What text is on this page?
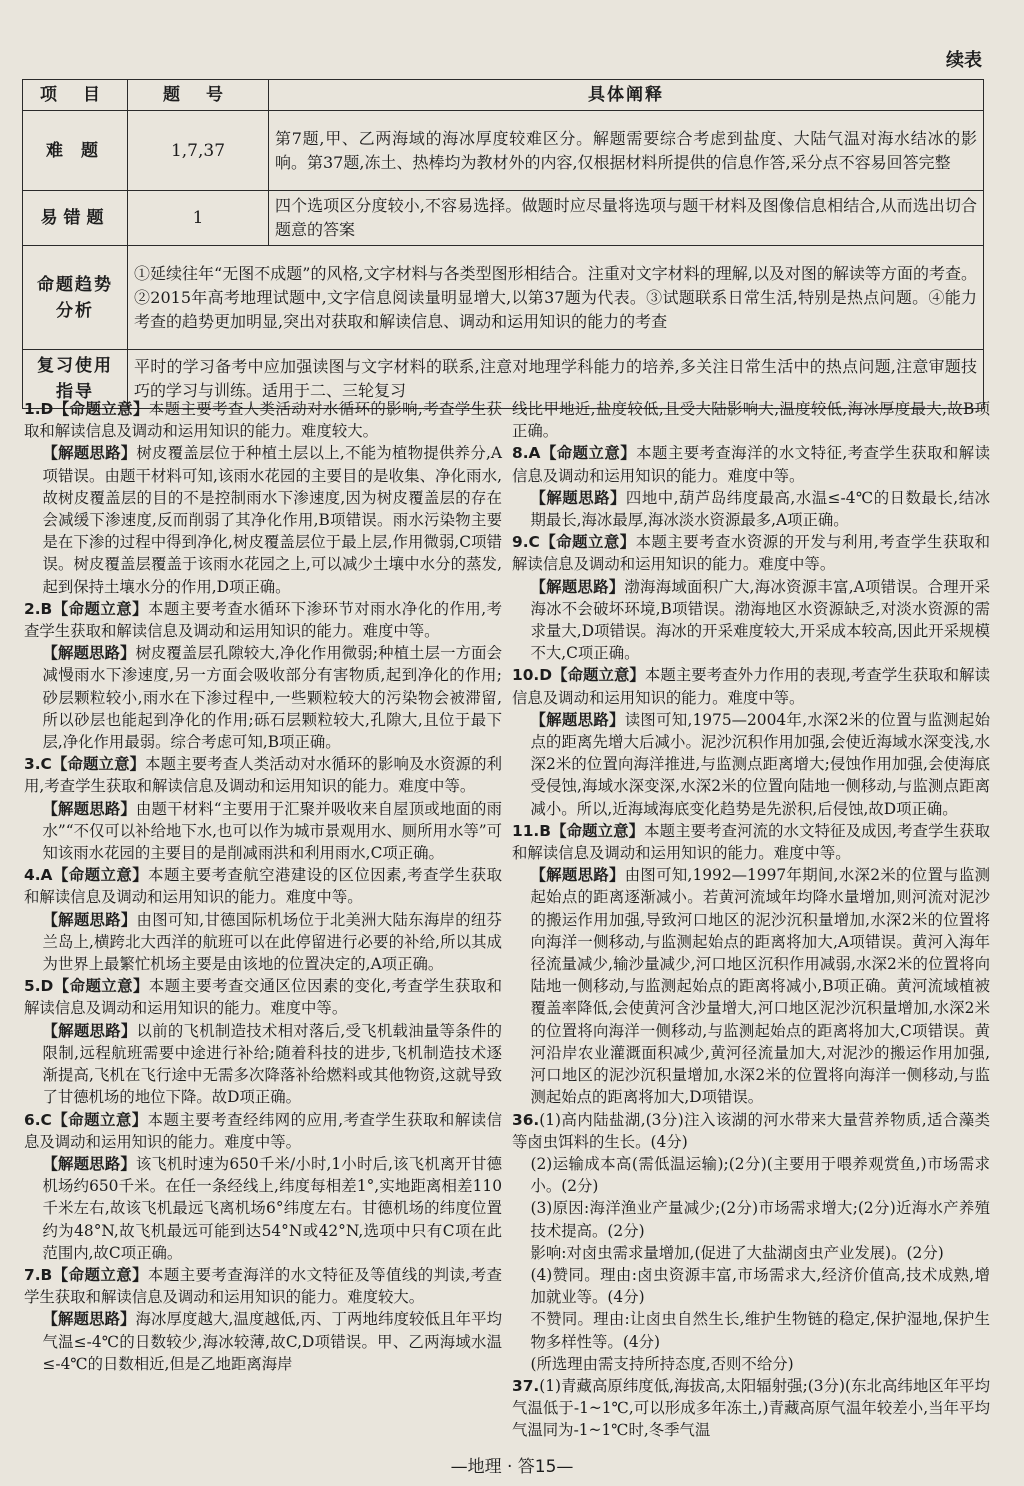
续表
项 目	题 号	具体阐释
难 题	1,7,37	第7题,甲、乙两海域的海冰厚度较难区分。解题需要综合考虑到盐度、大陆气温对海水结冰的影响。第37题,冻土、热棒均为教材外的内容,仅根据材料所提供的信息作答,采分点不容易回答完整
易错题	1	四个选项区分度较小,不容易选择。做题时应尽量将选项与题干材料及图像信息相结合,从而选出切合题意的答案
命题趋势分析	①延续往年“无图不成题”的风格,文字材料与各类型图形相结合。注重对文字材料的理解,以及对图的解读等方面的考查。②2015年高考地理试题中,文字信息阅读量明显增大,以第37题为代表。③试题联系日常生活,特别是热点问题。④能力考查的趋势更加明显,突出对获取和解读信息、调动和运用知识的能力的考查	
复习使用指导	平时的学习备考中应加强读图与文字材料的联系,注意对地理学科能力的培养,多关注日常生活中的热点问题,注意审题技巧的学习与训练。适用于二、三轮复习	

1.D【命题立意】本题主要考查人类活动对水循环的影响,考查学生获取和解读信息及调动和运用知识的能力。难度较大。

【解题思路】树皮覆盖层位于种植土层以上,不能为植物提供养分,A项错误。由题干材料可知,该雨水花园的主要目的是收集、净化雨水,故树皮覆盖层的目的不是控制雨水下渗速度,因为树皮覆盖层的存在会减缓下渗速度,反而削弱了其净化作用,B项错误。雨水污染物主要是在下渗的过程中得到净化,树皮覆盖层位于最上层,作用微弱,C项错误。树皮覆盖层覆盖于该雨水花园之上,可以减少土壤中水分的蒸发,起到保持土壤水分的作用,D项正确。

2.B【命题立意】本题主要考查水循环下渗环节对雨水净化的作用,考查学生获取和解读信息及调动和运用知识的能力。难度中等。

【解题思路】树皮覆盖层孔隙较大,净化作用微弱;种植土层一方面会减慢雨水下渗速度,另一方面会吸收部分有害物质,起到净化的作用;砂层颗粒较小,雨水在下渗过程中,一些颗粒较大的污染物会被滞留,所以砂层也能起到净化的作用;砾石层颗粒较大,孔隙大,且位于最下层,净化作用最弱。综合考虑可知,B项正确。

3.C【命题立意】本题主要考查人类活动对水循环的影响及水资源的利用,考查学生获取和解读信息及调动和运用知识的能力。难度中等。

【解题思路】由题干材料“主要用于汇聚并吸收来自屋顶或地面的雨水”“不仅可以补给地下水,也可以作为城市景观用水、厕所用水等”可知该雨水花园的主要目的是削减雨洪和利用雨水,C项正确。

4.A【命题立意】本题主要考查航空港建设的区位因素,考查学生获取和解读信息及调动和运用知识的能力。难度中等。

【解题思路】由图可知,甘德国际机场位于北美洲大陆东海岸的纽芬兰岛上,横跨北大西洋的航班可以在此停留进行必要的补给,所以其成为世界上最繁忙机场主要是由该地的位置决定的,A项正确。

5.D【命题立意】本题主要考查交通区位因素的变化,考查学生获取和解读信息及调动和运用知识的能力。难度中等。

【解题思路】以前的飞机制造技术相对落后,受飞机载油量等条件的限制,远程航班需要中途进行补给;随着科技的进步,飞机制造技术逐渐提高,飞机在飞行途中无需多次降落补给燃料或其他物资,这就导致了甘德机场的地位下降。故D项正确。

6.C【命题立意】本题主要考查经纬网的应用,考查学生获取和解读信息及调动和运用知识的能力。难度中等。

【解题思路】该飞机时速为650千米/小时,1小时后,该飞机离开甘德机场约650千米。在任一条经线上,纬度每相差1°,实地距离相差110千米左右,故该飞机最远飞离机场6°纬度左右。甘德机场的纬度位置约为48°N,故飞机最远可能到达54°N或42°N,选项中只有C项在此范围内,故C项正确。

7.B【命题立意】本题主要考查海洋的水文特征及等值线的判读,考查学生获取和解读信息及调动和运用知识的能力。难度较大。

【解题思路】海冰厚度越大,温度越低,丙、丁两地纬度较低且年平均气温≤-4℃的日数较少,海冰较薄,故C,D项错误。甲、乙两海域水温≤-4℃的日数相近,但是乙地距离海岸

线比甲地近,盐度较低,且受大陆影响大,温度较低,海冰厚度最大,故B项正确。

8.A【命题立意】本题主要考查海洋的水文特征,考查学生获取和解读信息及调动和运用知识的能力。难度中等。

【解题思路】四地中,葫芦岛纬度最高,水温≤-4℃的日数最长,结冰期最长,海冰最厚,海冰淡水资源最多,A项正确。

9.C【命题立意】本题主要考查水资源的开发与利用,考查学生获取和解读信息及调动和运用知识的能力。难度中等。

【解题思路】渤海海域面积广大,海冰资源丰富,A项错误。合理开采海冰不会破坏环境,B项错误。渤海地区水资源缺乏,对淡水资源的需求量大,D项错误。海冰的开采难度较大,开采成本较高,因此开采规模不大,C项正确。

10.D【命题立意】本题主要考查外力作用的表现,考查学生获取和解读信息及调动和运用知识的能力。难度中等。

【解题思路】读图可知,1975—2004年,水深2米的位置与监测起始点的距离先增大后减小。泥沙沉积作用加强,会使近海域水深变浅,水深2米的位置向海洋推进,与监测点距离增大;侵蚀作用加强,会使海底受侵蚀,海域水深变深,水深2米的位置向陆地一侧移动,与监测点距离减小。所以,近海域海底变化趋势是先淤积,后侵蚀,故D项正确。

11.B【命题立意】本题主要考查河流的水文特征及成因,考查学生获取和解读信息及调动和运用知识的能力。难度中等。

【解题思路】由图可知,1992—1997年期间,水深2米的位置与监测起始点的距离逐渐减小。若黄河流域年均降水量增加,则河流对泥沙的搬运作用加强,导致河口地区的泥沙沉积量增加,水深2米的位置将向海洋一侧移动,与监测起始点的距离将加大,A项错误。黄河入海年径流量减少,输沙量减少,河口地区沉积作用减弱,水深2米的位置将向陆地一侧移动,与监测起始点的距离将减小,B项正确。黄河流域植被覆盖率降低,会使黄河含沙量增大,河口地区泥沙沉积量增加,水深2米的位置将向海洋一侧移动,与监测起始点的距离将加大,C项错误。黄河沿岸农业灌溉面积减少,黄河径流量加大,对泥沙的搬运作用加强,河口地区的泥沙沉积量增加,水深2米的位置将向海洋一侧移动,与监测起始点的距离将加大,D项错误。

36.(1)高内陆盐湖,(3分)注入该湖的河水带来大量营养物质,适合藻类等卤虫饵料的生长。(4分)

(2)运输成本高(需低温运输);(2分)(主要用于喂养观赏鱼,)市场需求小。(2分)

(3)原因:海洋渔业产量减少;(2分)市场需求增大;(2分)近海水产养殖技术提高。(2分)

影响:对卤虫需求量增加,(促进了大盐湖卤虫产业发展)。(2分)

(4)赞同。理由:卤虫资源丰富,市场需求大,经济价值高,技术成熟,增加就业等。(4分)

不赞同。理由:让卤虫自然生长,维护生物链的稳定,保护湿地,保护生物多样性等。(4分)

(所选理由需支持所持态度,否则不给分)

37.(1)青藏高原纬度低,海拔高,太阳辐射强;(3分)(东北高纬地区年平均气温低于-1~1℃,可以形成多年冻土,)青藏高原气温年较差小,当年平均气温同为-1~1℃时,冬季气温

—地理 · 答15—
